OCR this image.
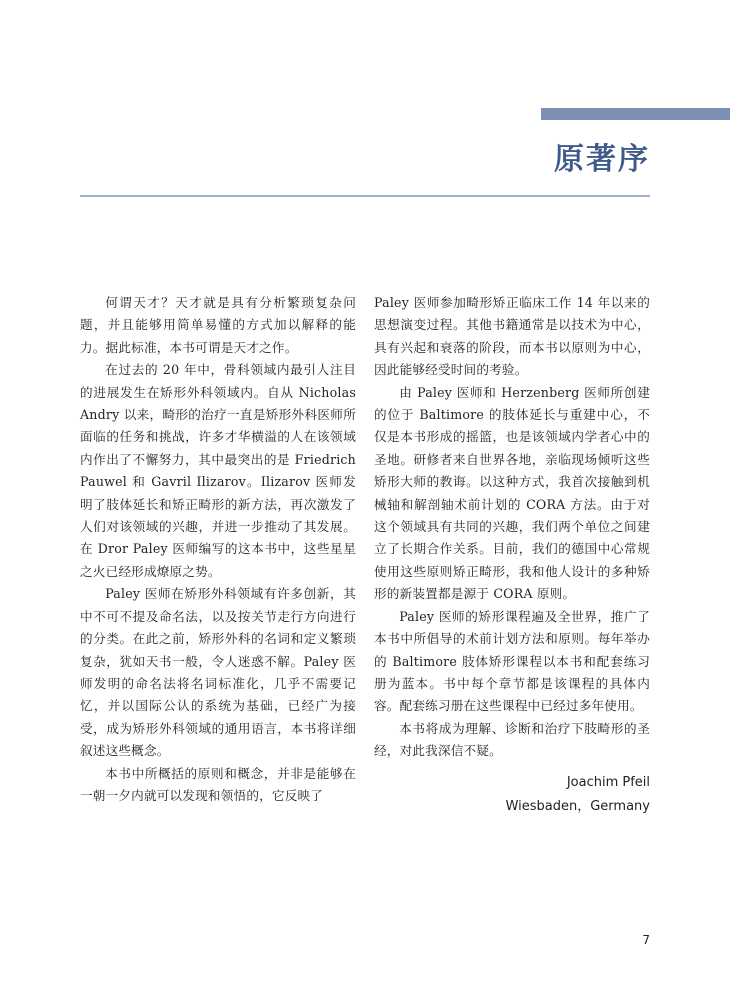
原著序

何谓天才？天才就是具有分析繁琐复杂问题，并且能够用简单易懂的方式加以解释的能力。据此标准，本书可谓是天才之作。

在过去的 20 年中，骨科领域内最引人注目的进展发生在矫形外科领域内。自从 Nicholas Andry 以来，畸形的治疗一直是矫形外科医师所面临的任务和挑战，许多才华横溢的人在该领域内作出了不懈努力，其中最突出的是 Friedrich Pauwel 和 Gavril Ilizarov。Ilizarov 医师发明了肢体延长和矫正畸形的新方法，再次激发了人们对该领域的兴趣，并进一步推动了其发展。在 Dror Paley 医师编写的这本书中，这些星星之火已经形成燎原之势。

Paley 医师在矫形外科领域有许多创新，其中不可不提及命名法，以及按关节走行方向进行的分类。在此之前，矫形外科的名词和定义繁琐复杂，犹如天书一般，令人迷惑不解。Paley 医师发明的命名法将名词标准化，几乎不需要记忆，并以国际公认的系统为基础，已经广为接受，成为矫形外科领域的通用语言，本书将详细叙述这些概念。

本书中所概括的原则和概念，并非是能够在一朝一夕内就可以发现和领悟的，它反映了

Paley 医师参加畸形矫正临床工作 14 年以来的思想演变过程。其他书籍通常是以技术为中心，具有兴起和衰落的阶段，而本书以原则为中心，因此能够经受时间的考验。

由 Paley 医师和 Herzenberg 医师所创建的位于 Baltimore 的肢体延长与重建中心，不仅是本书形成的摇篮，也是该领域内学者心中的圣地。研修者来自世界各地，亲临现场倾听这些矫形大师的教诲。以这种方式，我首次接触到机械轴和解剖轴术前计划的 CORA 方法。由于对这个领域具有共同的兴趣，我们两个单位之间建立了长期合作关系。目前，我们的德国中心常规使用这些原则矫正畸形，我和他人设计的多种矫形的新装置都是源于 CORA 原则。

Paley 医师的矫形课程遍及全世界，推广了本书中所倡导的术前计划方法和原则。每年举办的 Baltimore 肢体矫形课程以本书和配套练习册为蓝本。书中每个章节都是该课程的具体内容。配套练习册在这些课程中已经过多年使用。

本书将成为理解、诊断和治疗下肢畸形的圣经，对此我深信不疑。

Joachim Pfeil
Wiesbaden，Germany
7
